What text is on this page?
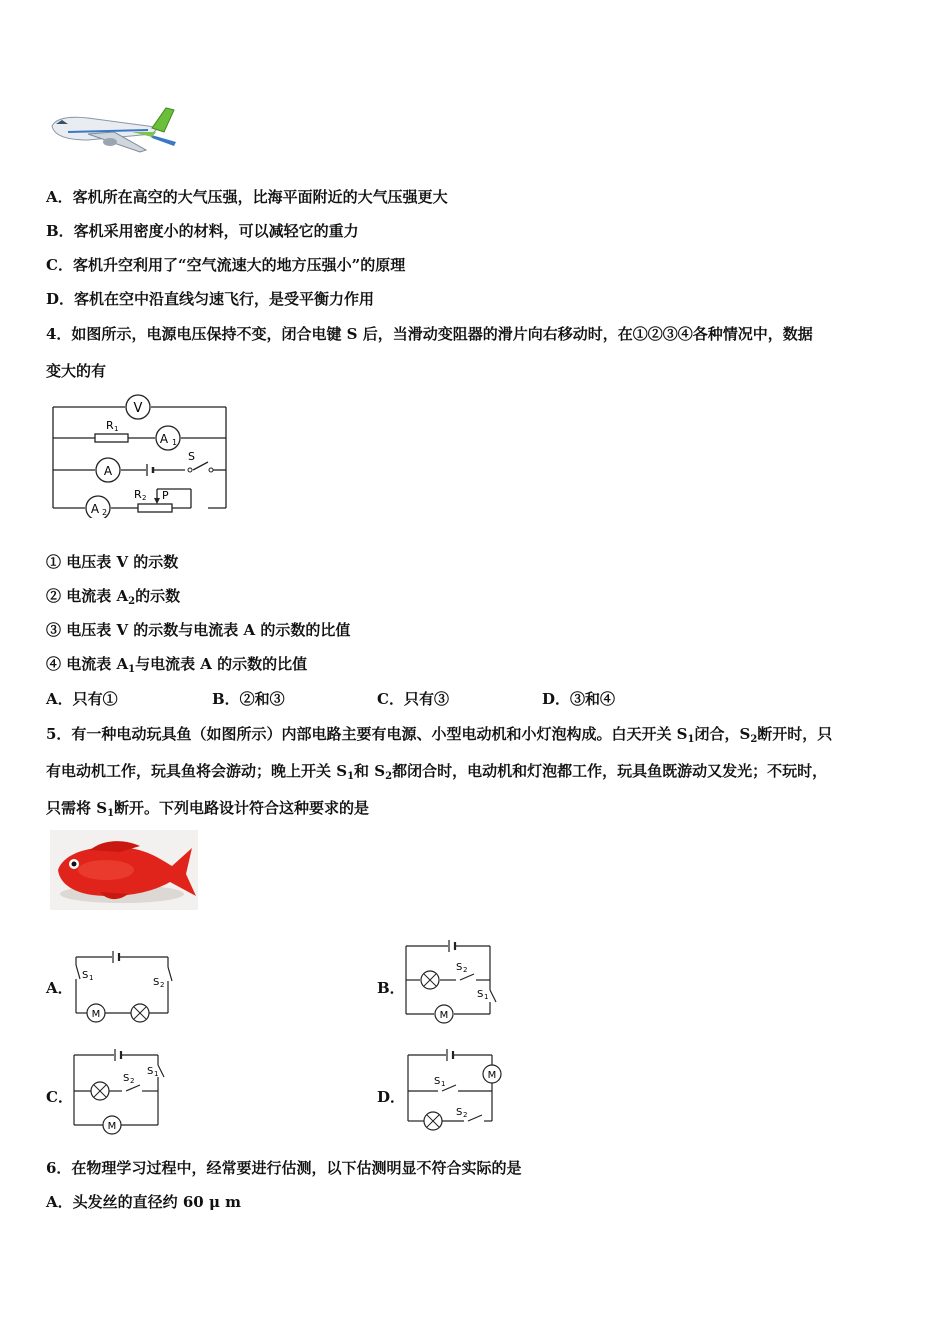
A．客机所在高空的大气压强，比海平面附近的大气压强更大
B．客机采用密度小的材料，可以减轻它的重力
C．客机升空利用了“空气流速大的地方压强小”的原理
D．客机在空中沿直线匀速飞行，是受平衡力作用
4．如图所示，电源电压保持不变，闭合电键 S 后，当滑动变阻器的滑片向右移动时，在①②③④各种情况中，数据
变大的有
V
A 1
A
A 2
R 1
R 2 P
S
① 电压表 V 的示数
② 电流表 $A_2$的示数
③ 电压表 V 的示数与电流表 A 的示数的比值
④ 电流表 $A_1$与电流表 A 的示数的比值
A．只有①	B．②和③	C．只有③	D．③和④
5．有一种电动玩具鱼（如图所示）内部电路主要有电源、小型电动机和小灯泡构成。白天开关 $S_1$闭合，$S_2$断开时，只
有电动机工作，玩具鱼将会游动；晚上开关 $S_1$和 $S_2$都闭合时，电动机和灯泡都工作，玩具鱼既游动又发光；不玩时，
只需将 $S_1$断开。下列电路设计符合这种要求的是
A．
M
S 1	S 2	B．
M
S 2
S 1
C．
M
S 2
S 1
D．
M
S 1
S 2
6．在物理学习过程中，经常要进行估测，以下估测明显不符合实际的是
A．头发丝的直径约 60 μ m
